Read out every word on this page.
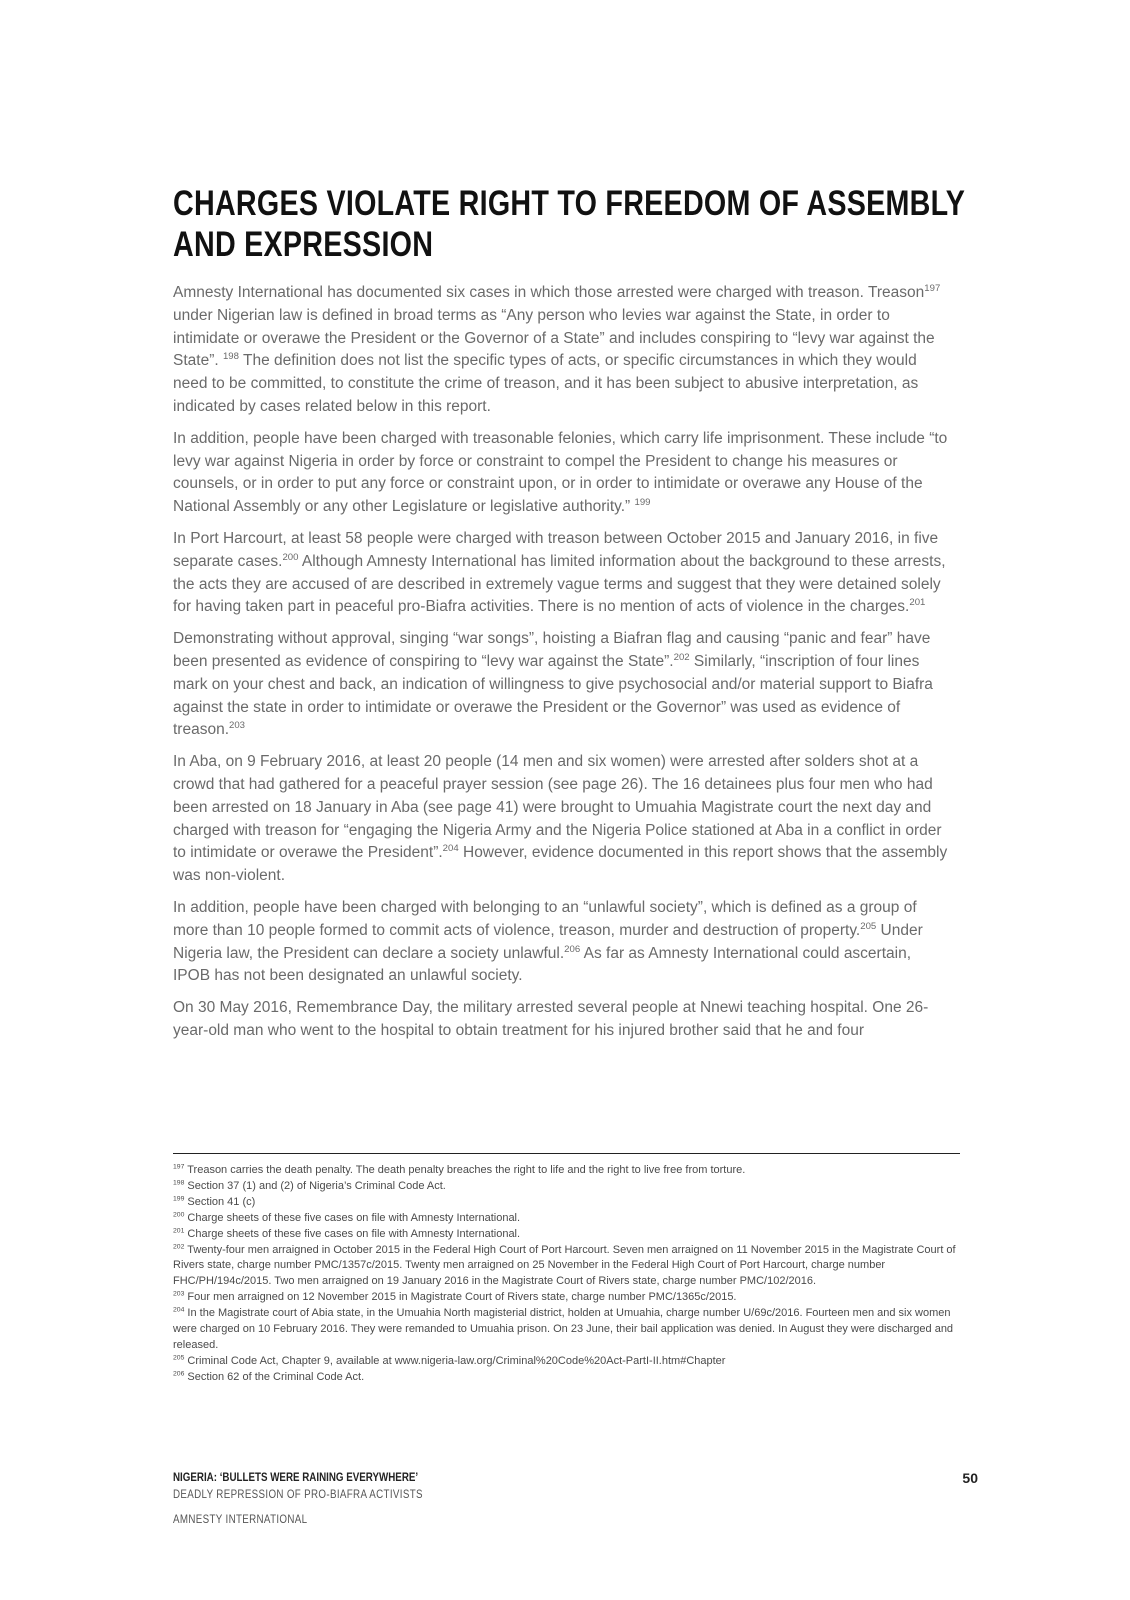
CHARGES VIOLATE RIGHT TO FREEDOM OF ASSEMBLY
AND EXPRESSION

Amnesty International has documented six cases in which those arrested were charged with treason. Treason$^{197}$ under Nigerian law is defined in broad terms as “Any person who levies war against the State, in order to intimidate or overawe the President or the Governor of a State” and includes conspiring to “levy war against the State”. $^{198}$ The definition does not list the specific types of acts, or specific circumstances in which they would need to be committed, to constitute the crime of treason, and it has been subject to abusive interpretation, as indicated by cases related below in this report.

In addition, people have been charged with treasonable felonies, which carry life imprisonment. These include “to levy war against Nigeria in order by force or constraint to compel the President to change his measures or counsels, or in order to put any force or constraint upon, or in order to intimidate or overawe any House of the National Assembly or any other Legislature or legislative authority.” $^{199}$

In Port Harcourt, at least 58 people were charged with treason between October 2015 and January 2016, in five separate cases.$^{200}$ Although Amnesty International has limited information about the background to these arrests, the acts they are accused of are described in extremely vague terms and suggest that they were detained solely for having taken part in peaceful pro-Biafra activities. There is no mention of acts of violence in the charges.$^{201}$

Demonstrating without approval, singing “war songs”, hoisting a Biafran flag and causing “panic and fear” have been presented as evidence of conspiring to “levy war against the State”.$^{202}$ Similarly, “inscription of four lines mark on your chest and back, an indication of willingness to give psychosocial and/or material support to Biafra against the state in order to intimidate or overawe the President or the Governor” was used as evidence of treason.$^{203}$

In Aba, on 9 February 2016, at least 20 people (14 men and six women) were arrested after solders shot at a crowd that had gathered for a peaceful prayer session (see page 26). The 16 detainees plus four men who had been arrested on 18 January in Aba (see page 41) were brought to Umuahia Magistrate court the next day and charged with treason for “engaging the Nigeria Army and the Nigeria Police stationed at Aba in a conflict in order to intimidate or overawe the President”.$^{204}$ However, evidence documented in this report shows that the assembly was non-violent.

In addition, people have been charged with belonging to an “unlawful society”, which is defined as a group of more than 10 people formed to commit acts of violence, treason, murder and destruction of property.$^{205}$ Under Nigeria law, the President can declare a society unlawful.$^{206}$ As far as Amnesty International could ascertain, IPOB has not been designated an unlawful society.

On 30 May 2016, Remembrance Day, the military arrested several people at Nnewi teaching hospital. One 26-year-old man who went to the hospital to obtain treatment for his injured brother said that he and four

$^{197}$ Treason carries the death penalty. The death penalty breaches the right to life and the right to live free from torture.
$^{198}$ Section 37 (1) and (2) of Nigeria’s Criminal Code Act.
$^{199}$ Section 41 (c)
$^{200}$ Charge sheets of these five cases on file with Amnesty International.
$^{201}$ Charge sheets of these five cases on file with Amnesty International.
$^{202}$ Twenty-four men arraigned in October 2015 in the Federal High Court of Port Harcourt. Seven men arraigned on 11 November 2015 in the Magistrate Court of Rivers state, charge number PMC/1357c/2015. Twenty men arraigned on 25 November in the Federal High Court of Port Harcourt, charge number FHC/PH/194c/2015. Two men arraigned on 19 January 2016 in the Magistrate Court of Rivers state, charge number PMC/102/2016.
$^{203}$ Four men arraigned on 12 November 2015 in Magistrate Court of Rivers state, charge number PMC/1365c/2015.
$^{204}$ In the Magistrate court of Abia state, in the Umuahia North magisterial district, holden at Umuahia, charge number U/69c/2016. Fourteen men and six women were charged on 10 February 2016. They were remanded to Umuahia prison. On 23 June, their bail application was denied. In August they were discharged and released.
$^{205}$ Criminal Code Act, Chapter 9, available at www.nigeria-law.org/Criminal%20Code%20Act-PartI-II.htm#Chapter
$^{206}$ Section 62 of the Criminal Code Act.
NIGERIA: ‘BULLETS WERE RAINING EVERYWHERE’
DEADLY REPRESSION OF PRO-BIAFRA ACTIVISTS
AMNESTY INTERNATIONAL
50
